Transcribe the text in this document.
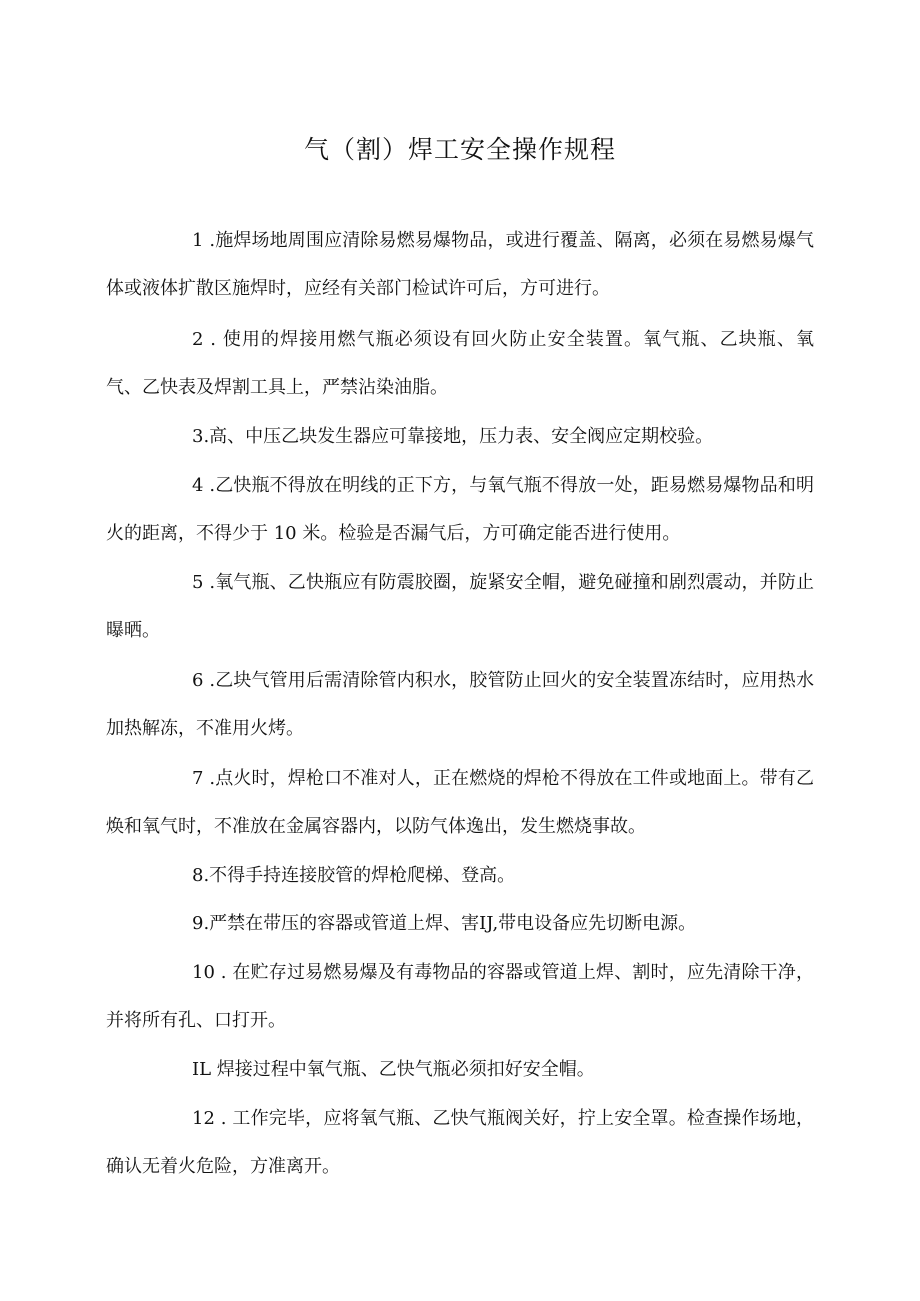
气（割）焊工安全操作规程
1 .施焊场地周围应清除易燃易爆物品，或进行覆盖、隔离，必须在易燃易爆气体或液体扩散区施焊时，应经有关部门检试许可后，方可进行。
2 . 使用的焊接用燃气瓶必须设有回火防止安全装置。氧气瓶、乙块瓶、氧气、乙快表及焊割工具上，严禁沾染油脂。
3.高、中压乙块发生器应可靠接地，压力表、安全阀应定期校验。
4 .乙快瓶不得放在明线的正下方，与氧气瓶不得放一处，距易燃易爆物品和明火的距离，不得少于 10 米。检验是否漏气后，方可确定能否进行使用。
5 .氧气瓶、乙快瓶应有防震胶圈，旋紧安全帽，避免碰撞和剧烈震动，并防止曝晒。
6 .乙块气管用后需清除管内积水，胶管防止回火的安全装置冻结时，应用热水加热解冻，不准用火烤。
7 .点火时，焊枪口不准对人，正在燃烧的焊枪不得放在工件或地面上。带有乙焕和氧气时，不准放在金属容器内，以防气体逸出，发生燃烧事故。
8.不得手持连接胶管的焊枪爬梯、登高。
9.严禁在带压的容器或管道上焊、害IJ,带电设备应先切断电源。
10 . 在贮存过易燃易爆及有毒物品的容器或管道上焊、割时，应先清除干净，并将所有孔、口打开。
IL 焊接过程中氧气瓶、乙快气瓶必须扣好安全帽。
12 . 工作完毕，应将氧气瓶、乙快气瓶阀关好，拧上安全罩。检查操作场地，确认无着火危险，方准离开。
